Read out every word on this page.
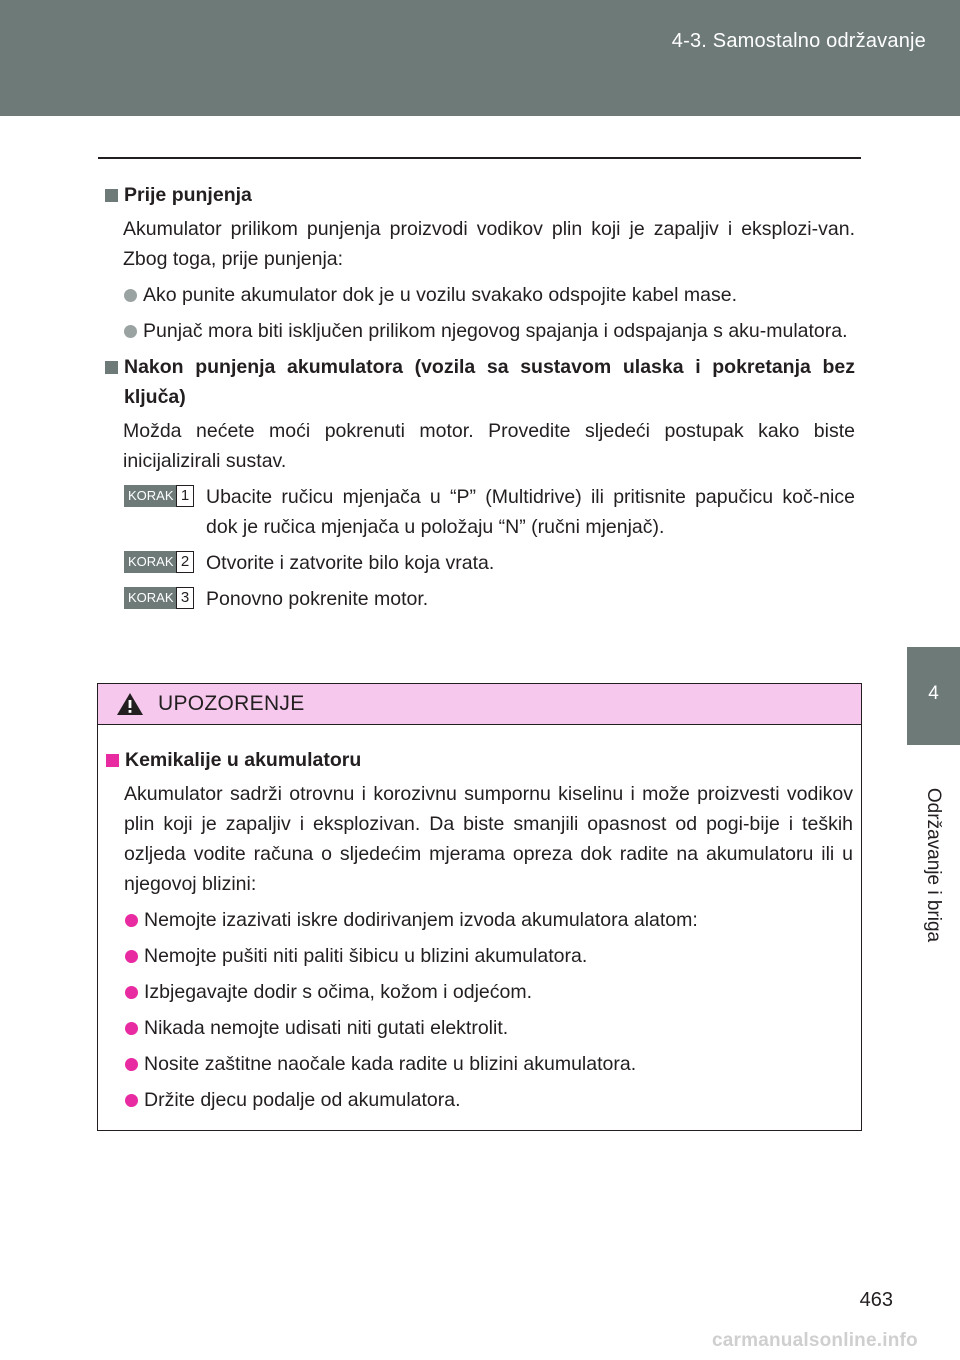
4-3. Samostalno održavanje
4
Održavanje i briga
Prije punjenja
Akumulator prilikom punjenja proizvodi vodikov plin koji je zapaljiv i eksplozi-van. Zbog toga, prije punjenja:
Ako punite akumulator dok je u vozilu svakako odspojite kabel mase.
Punjač mora biti isključen prilikom njegovog spajanja i odspajanja s aku-mulatora.
Nakon punjenja akumulatora (vozila sa sustavom ulaska i pokretanja bez ključa)
Možda nećete moći pokrenuti motor. Provedite sljedeći postupak kako biste inicijalizirali sustav.
KORAK 1 Ubacite ručicu mjenjača u “P” (Multidrive) ili pritisnite papučicu koč-nice dok je ručica mjenjača u položaju “N” (ručni mjenjač).
KORAK 2 Otvorite i zatvorite bilo koja vrata.
KORAK 3 Ponovno pokrenite motor.
UPOZORENJE
Kemikalije u akumulatoru
Akumulator sadrži otrovnu i korozivnu sumpornu kiselinu i može proizvesti vodikov plin koji je zapaljiv i eksplozivan. Da biste smanjili opasnost od pogi-bije i teških ozljeda vodite računa o sljedećim mjerama opreza dok radite na akumulatoru ili u njegovoj blizini:
Nemojte izazivati iskre dodirivanjem izvoda akumulatora alatom:
Nemojte pušiti niti paliti šibicu u blizini akumulatora.
Izbjegavajte dodir s očima, kožom i odjećom.
Nikada nemojte udisati niti gutati elektrolit.
Nosite zaštitne naočale kada radite u blizini akumulatora.
Držite djecu podalje od akumulatora.
463
carmanualsonline.info
